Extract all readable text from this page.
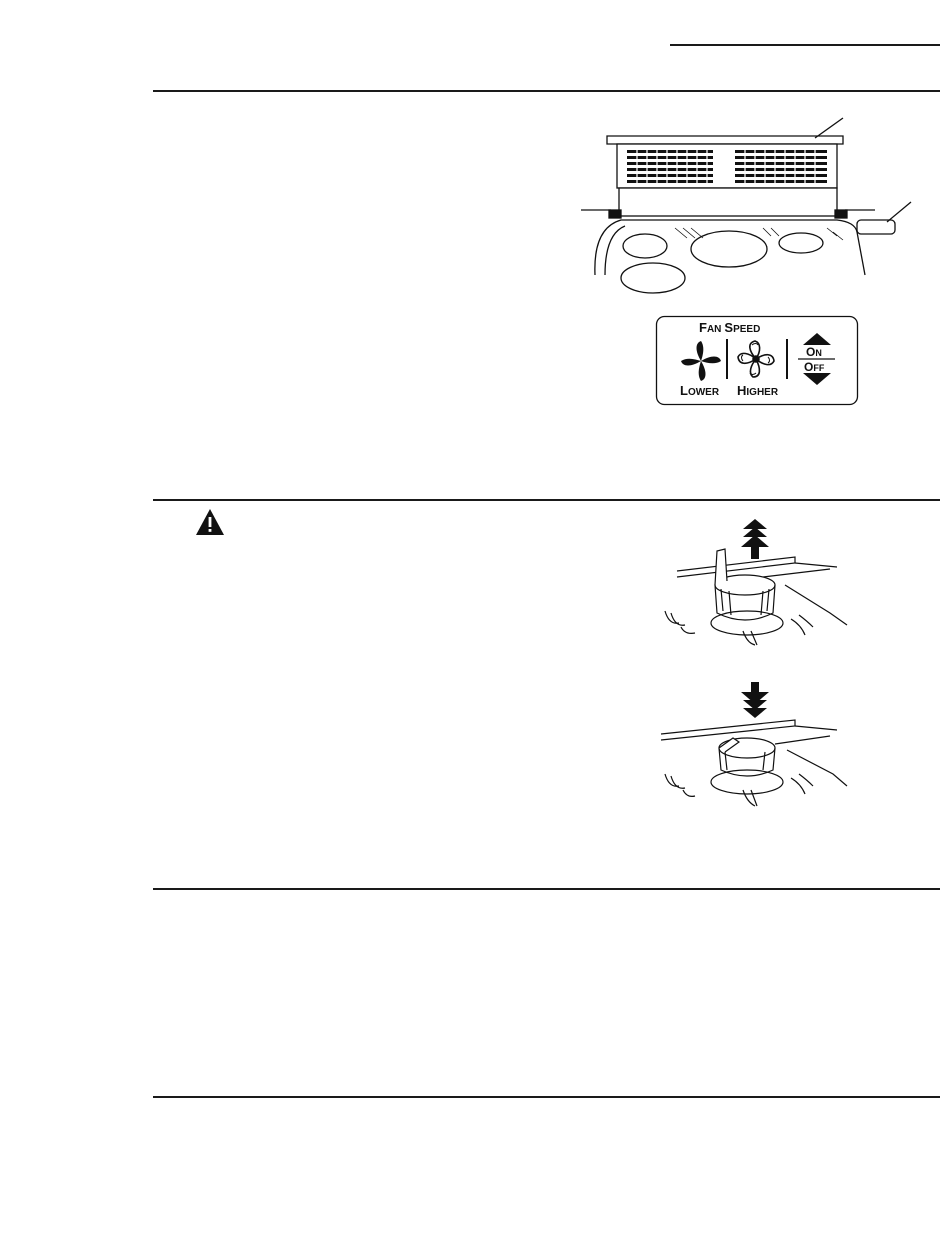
FAN SPEED
ON
OFF
LOWER HIGHER
